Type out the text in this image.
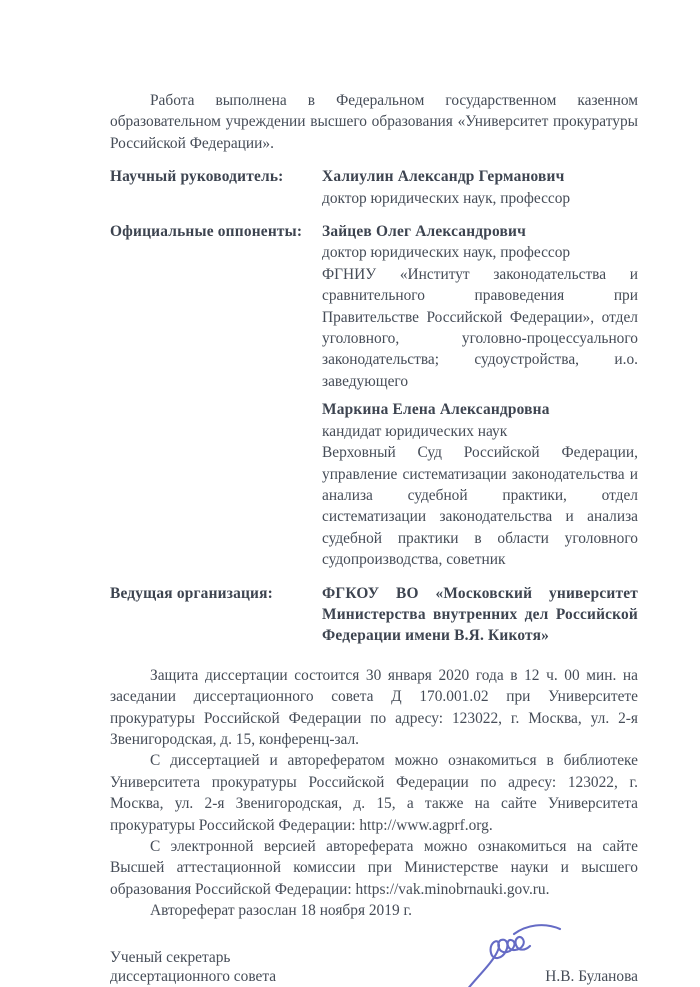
Работа выполнена в Федеральном государственном казенном образовательном учреждении высшего образования «Университет прокуратуры Российской Федерации».

Научный руководитель:	Халиулин Александр Германович
доктор юридических наук, профессор
Официальные оппоненты:	Зайцев Олег Александрович
доктор юридических наук, профессор
ФГНИУ «Институт законодательства и сравнительного правоведения при Правительстве Российской Федерации», отдел уголовного, уголовно-процессуального законодательства; судоустройства, и.о. заведующего
Маркина Елена Александровна
кандидат юридических наук
Верховный Суд Российской Федерации, управление систематизации законодательства и анализа судебной практики, отдел систематизации законодательства и анализа судебной практики в области уголовного судопроизводства, советник
Ведущая организация:	ФГКОУ ВО «Московский университет Министерства внутренних дел Российской Федерации имени В.Я. Кикотя»

Защита диссертации состоится 30 января 2020 года в 12 ч. 00 мин. на заседании диссертационного совета Д 170.001.02 при Университете прокуратуры Российской Федерации по адресу: 123022, г. Москва, ул. 2-я Звенигородская, д. 15, конференц-зал.

С диссертацией и авторефератом можно ознакомиться в библиотеке Университета прокуратуры Российской Федерации по адресу: 123022, г. Москва, ул. 2-я Звенигородская, д. 15, а также на сайте Университета прокуратуры Российской Федерации: http://www.agprf.org.

С электронной версией автореферата можно ознакомиться на сайте Высшей аттестационной комиссии при Министерстве науки и высшего образования Российской Федерации: https://vak.minobrnauki.gov.ru.

Автореферат разослан 18 ноября 2019 г.

Ученый секретарь
диссертационного совета	Н.В. Буланова
